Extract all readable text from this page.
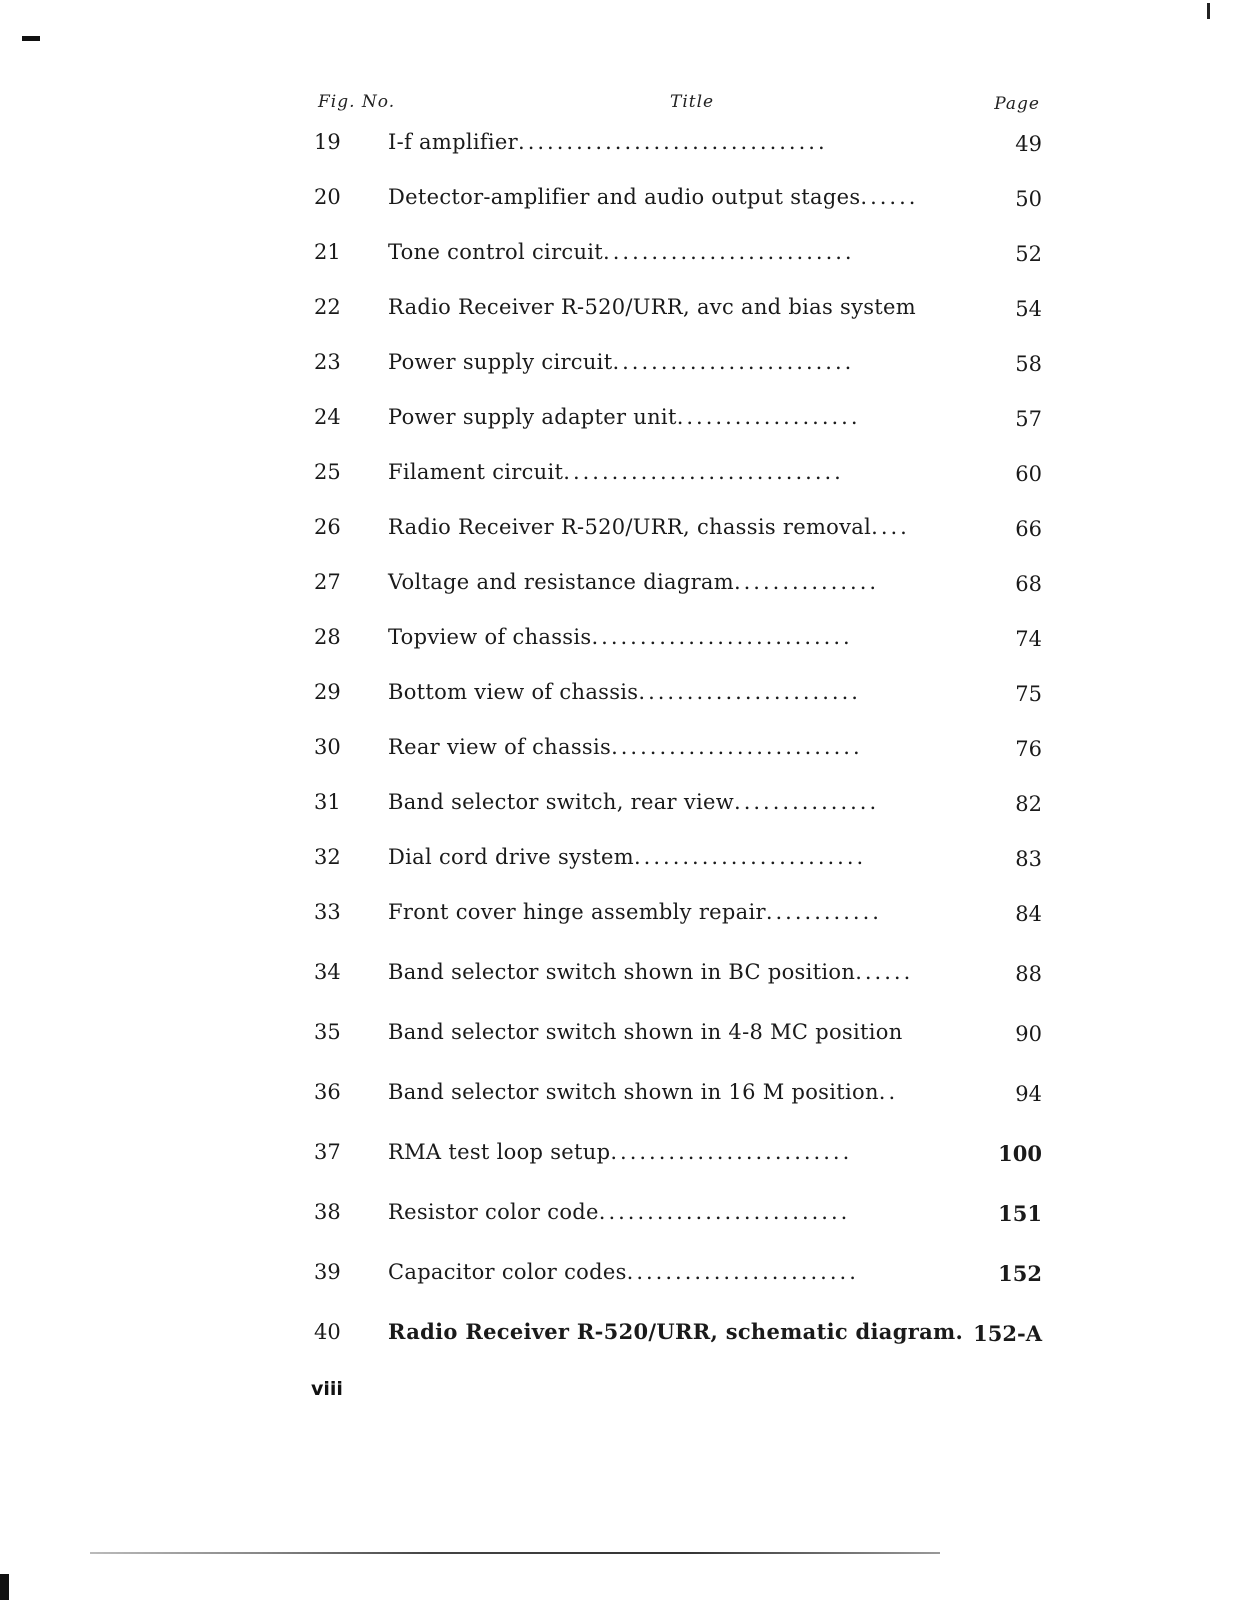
Fig. No.	Title	Page
19	I-f amplifier................................	49
20	Detector-amplifier and audio output stages......	50
21	Tone control circuit..........................	52
22	Radio Receiver R-520/URR, avc and bias system	54
23	Power supply circuit.........................	58
24	Power supply adapter unit...................	57
25	Filament circuit.............................	60
26	Radio Receiver R-520/URR, chassis removal....	66
27	Voltage and resistance diagram...............	68
28	Topview of chassis...........................	74
29	Bottom view of chassis.......................	75
30	Rear view of chassis..........................	76
31	Band selector switch, rear view...............	82
32	Dial cord drive system........................	83
33	Front cover hinge assembly repair............	84
34	Band selector switch shown in BC position......	88
35	Band selector switch shown in 4-8 MC position	90
36	Band selector switch shown in 16 M position..	94
37	RMA test loop setup.........................	100
38	Resistor color code..........................	151
39	Capacitor color codes........................	152
40	Radio Receiver R-520/URR, schematic diagram. 152-A
viii
